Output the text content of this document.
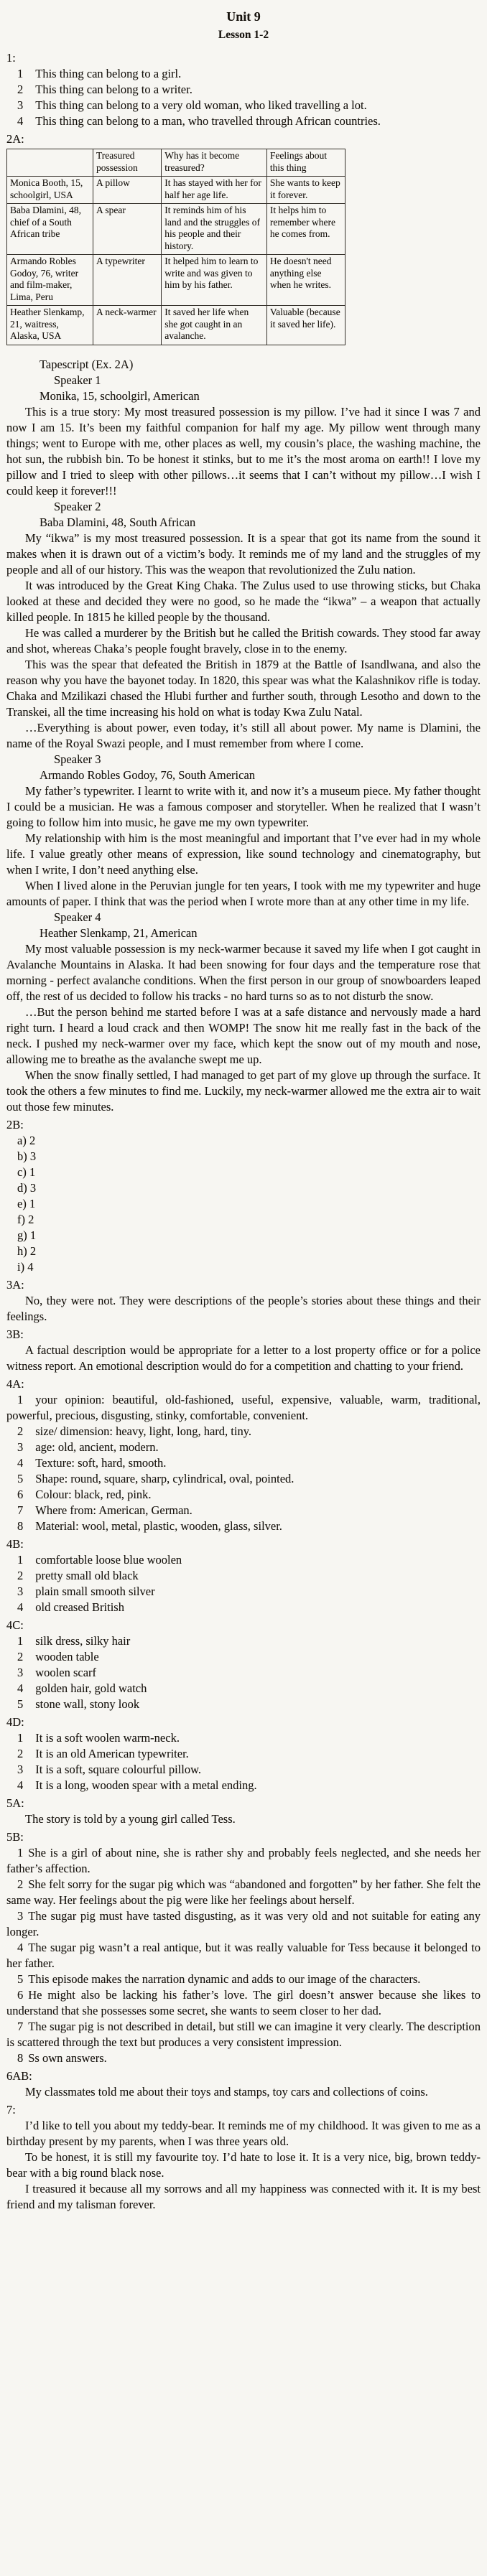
Unit 9
Lesson 1-2
1:
1 This thing can belong to a girl.
2 This thing can belong to a writer.
3 This thing can belong to a very old woman, who liked travelling a lot.
4 This thing can belong to a man, who travelled through African countries.
2A:
	Treasured possession	Why has it become treasured?	Feelings about this thing
Monica Booth, 15, schoolgirl, USA	A pillow	It has stayed with her for half her age life.	She wants to keep it forever.
Baba Dlamini, 48, chief of a South African tribe	A spear	It reminds him of his land and the struggles of his people and their history.	It helps him to remember where he comes from.
Armando Robles Godoy, 76, writer and film-maker, Lima, Peru	A typewriter	It helped him to learn to write and was given to him by his father.	He doesn't need anything else when he writes.
Heather Slenkamp, 21, waitress, Alaska, USA	A neck-warmer	It saved her life when she got caught in an avalanche.	Valuable (because it saved her life).
Tapescript (Ex. 2A)
Speaker 1
Monika, 15, schoolgirl, American
This is a true story: My most treasured possession is my pillow. I’ve had it since I was 7 and now I am 15. It’s been my faithful companion for half my age. My pillow went through many things; went to Europe with me, other places as well, my cousin’s place, the washing machine, the hot sun, the rubbish bin. To be honest it stinks, but to me it’s the most aroma on earth!! I love my pillow and I tried to sleep with other pillows…it seems that I can’t without my pillow…I wish I could keep it forever!!!
Speaker 2
Baba Dlamini, 48, South African
My “ikwa” is my most treasured possession. It is a spear that got its name from the sound it makes when it is drawn out of a victim’s body. It reminds me of my land and the struggles of my people and all of our history. This was the weapon that revolutionized the Zulu nation.
It was introduced by the Great King Chaka. The Zulus used to use throwing sticks, but Chaka looked at these and decided they were no good, so he made the “ikwa” – a weapon that actually killed people. In 1815 he killed people by the thousand.
He was called a murderer by the British but he called the British cowards. They stood far away and shot, whereas Chaka’s people fought bravely, close in to the enemy.
This was the spear that defeated the British in 1879 at the Battle of Isandlwana, and also the reason why you have the bayonet today. In 1820, this spear was what the Kalashnikov rifle is today. Chaka and Mzilikazi chased the Hlubi further and further south, through Lesotho and down to the Transkei, all the time increasing his hold on what is today Kwa Zulu Natal.
…Everything is about power, even today, it’s still all about power. My name is Dlamini, the name of the Royal Swazi people, and I must remember from where I come.
Speaker 3
Armando Robles Godoy, 76, South American
My father’s typewriter. I learnt to write with it, and now it’s a museum piece. My father thought I could be a musician. He was a famous composer and storyteller. When he realized that I wasn’t going to follow him into music, he gave me my own typewriter.
My relationship with him is the most meaningful and important that I’ve ever had in my whole life. I value greatly other means of expression, like sound technology and cinematography, but when I write, I don’t need anything else.
When I lived alone in the Peruvian jungle for ten years, I took with me my typewriter and huge amounts of paper. I think that was the period when I wrote more than at any other time in my life.
Speaker 4
Heather Slenkamp, 21, American
My most valuable possession is my neck-warmer because it saved my life when I got caught in Avalanche Mountains in Alaska. It had been snowing for four days and the temperature rose that morning - perfect avalanche conditions. When the first person in our group of snowboarders leaped off, the rest of us decided to follow his tracks - no hard turns so as to not disturb the snow.
…But the person behind me started before I was at a safe distance and nervously made a hard right turn. I heard a loud crack and then WOMP! The snow hit me really fast in the back of the neck. I pushed my neck-warmer over my face, which kept the snow out of my mouth and nose, allowing me to breathe as the avalanche swept me up.
When the snow finally settled, I had managed to get part of my glove up through the surface. It took the others a few minutes to find me. Luckily, my neck-warmer allowed me the extra air to wait out those few minutes.
2B:
a) 2
b) 3
c) 1
d) 3
e) 1
f) 2
g) 1
h) 2
i) 4
3A:
No, they were not. They were descriptions of the people’s stories about these things and their feelings.
3B:
A factual description would be appropriate for a letter to a lost property office or for a police witness report. An emotional description would do for a competition and chatting to your friend.
4A:
1 your opinion: beautiful, old-fashioned, useful, expensive, valuable, warm, traditional, powerful, precious, disgusting, stinky, comfortable, convenient.
2 size/ dimension: heavy, light, long, hard, tiny.
3 age: old, ancient, modern.
4 Texture: soft, hard, smooth.
5 Shape: round, square, sharp, cylindrical, oval, pointed.
6 Colour: black, red, pink.
7 Where from: American, German.
8 Material: wool, metal, plastic, wooden, glass, silver.
4B:
1 comfortable loose blue woolen
2 pretty small old black
3 plain small smooth silver
4 old creased British
4C:
1 silk dress, silky hair
2 wooden table
3 woolen scarf
4 golden hair, gold watch
5 stone wall, stony look
4D:
1 It is a soft woolen warm-neck.
2 It is an old American typewriter.
3 It is a soft, square colourful pillow.
4 It is a long, wooden spear with a metal ending.
5A:
The story is told by a young girl called Tess.
5B:
1 She is a girl of about nine, she is rather shy and probably feels neglected, and she needs her father’s affection.
2 She felt sorry for the sugar pig which was “abandoned and forgotten” by her father. She felt the same way. Her feelings about the pig were like her feelings about herself.
3 The sugar pig must have tasted disgusting, as it was very old and not suitable for eating any longer.
4 The sugar pig wasn’t a real antique, but it was really valuable for Tess because it belonged to her father.
5 This episode makes the narration dynamic and adds to our image of the characters.
6 He might also be lacking his father’s love. The girl doesn’t answer because she likes to understand that she possesses some secret, she wants to seem closer to her dad.
7 The sugar pig is not described in detail, but still we can imagine it very clearly. The description is scattered through the text but produces a very consistent impression.
8 Ss own answers.
6AB:
My classmates told me about their toys and stamps, toy cars and collections of coins.
7:
I’d like to tell you about my teddy-bear. It reminds me of my childhood. It was given to me as a birthday present by my parents, when I was three years old.
To be honest, it is still my favourite toy. I’d hate to lose it. It is a very nice, big, brown teddy-bear with a big round black nose.
I treasured it because all my sorrows and all my happiness was connected with it. It is my best friend and my talisman forever.
